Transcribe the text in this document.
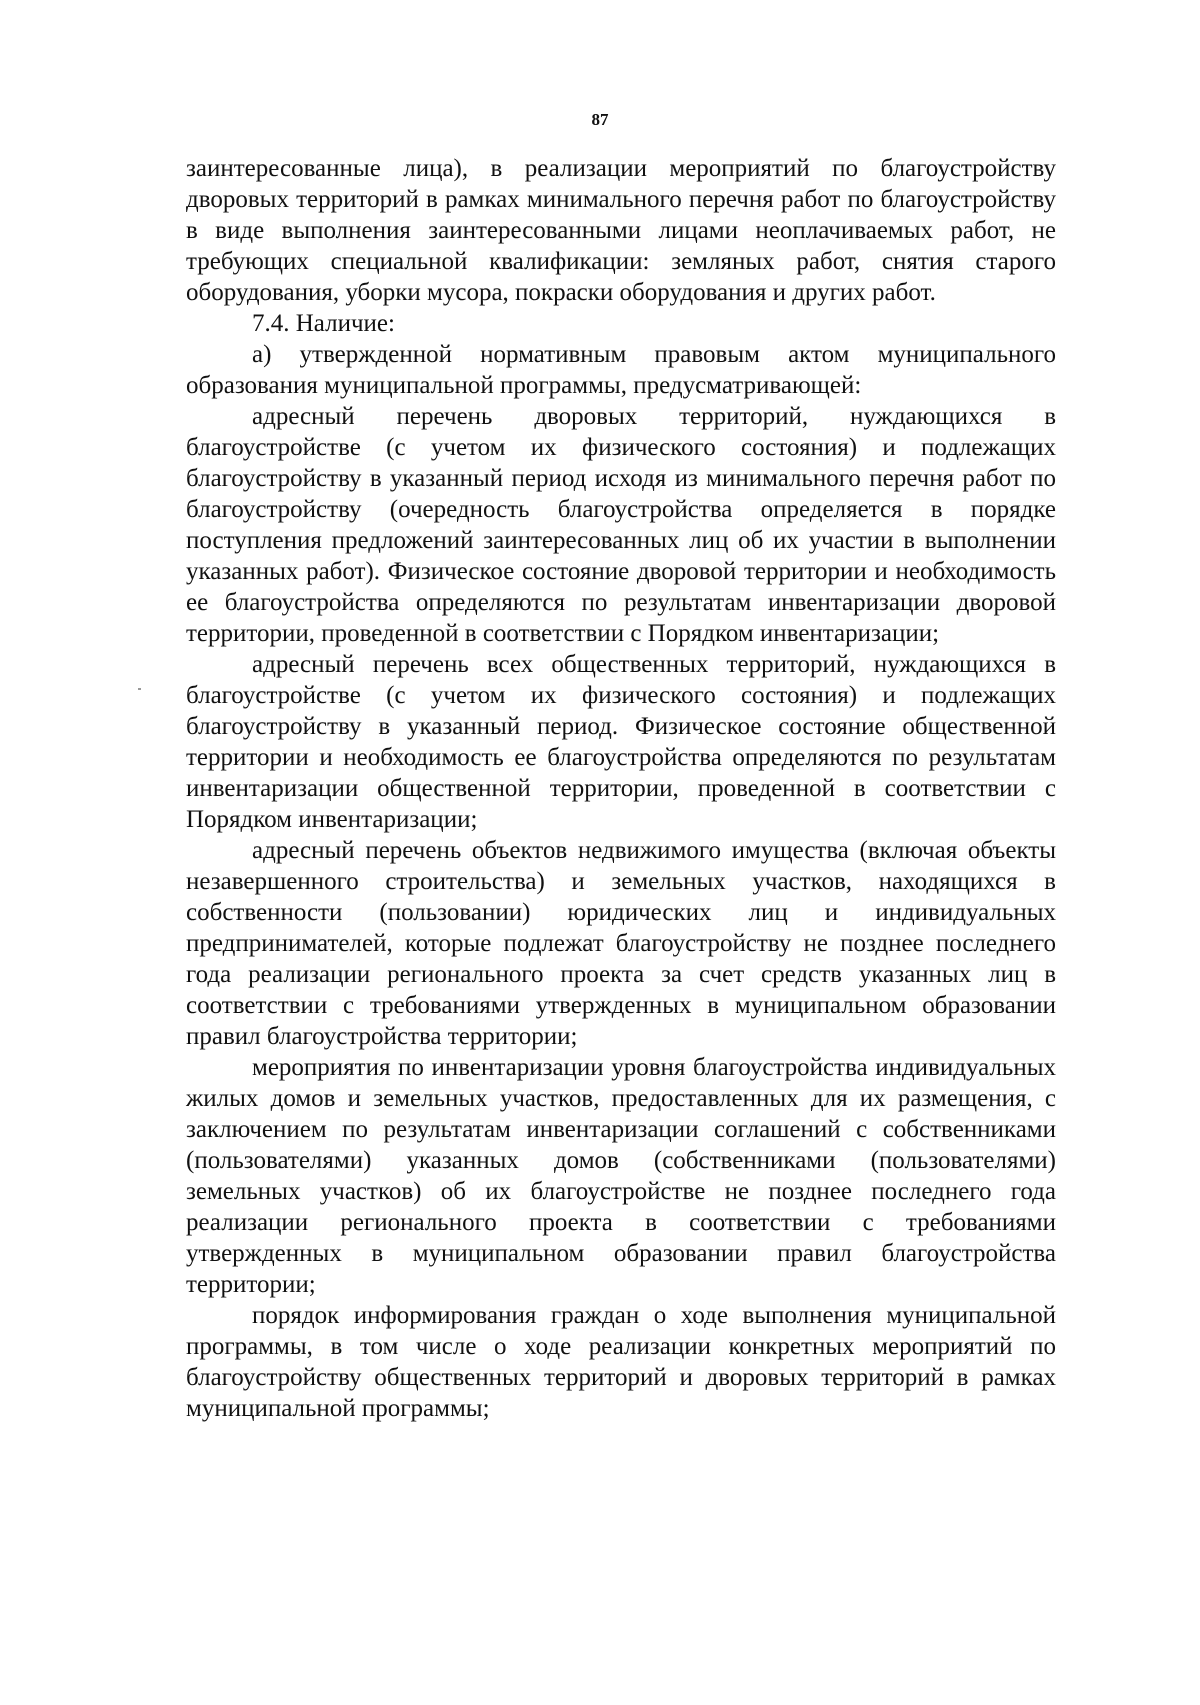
87

заинтересованные лица), в реализации мероприятий по благоустройству дворовых территорий в рамках минимального перечня работ по благоустройству в виде выполнения заинтересованными лицами неоплачиваемых работ, не требующих специальной квалификации: земляных работ, снятия старого оборудования, уборки мусора, покраски оборудования и других работ.

7.4. Наличие:

а) утвержденной нормативным правовым актом муниципального образования муниципальной программы, предусматривающей:

адресный перечень дворовых территорий, нуждающихся в благоустройстве (с учетом их физического состояния) и подлежащих благоустройству в указанный период исходя из минимального перечня работ по благоустройству (очередность благоустройства определяется в порядке поступления предложений заинтересованных лиц об их участии в выполнении указанных работ). Физическое состояние дворовой территории и необходимость ее благоустройства определяются по результатам инвентаризации дворовой территории, проведенной в соответствии с Порядком инвентаризации;

адресный перечень всех общественных территорий, нуждающихся в благоустройстве (с учетом их физического состояния) и подлежащих благоустройству в указанный период. Физическое состояние общественной территории и необходимость ее благоустройства определяются по результатам инвентаризации общественной территории, проведенной в соответствии с Порядком инвентаризации;

адресный перечень объектов недвижимого имущества (включая объекты незавершенного строительства) и земельных участков, находящихся в собственности (пользовании) юридических лиц и индивидуальных предпринимателей, которые подлежат благоустройству не позднее последнего года реализации регионального проекта за счет средств указанных лиц в соответствии с требованиями утвержденных в муниципальном образовании правил благоустройства территории;

мероприятия по инвентаризации уровня благоустройства индивидуальных жилых домов и земельных участков, предоставленных для их размещения, с заключением по результатам инвентаризации соглашений с собственниками (пользователями) указанных домов (собственниками (пользователями) земельных участков) об их благоустройстве не позднее последнего года реализации регионального проекта в соответствии с требованиями утвержденных в муниципальном образовании правил благоустройства территории;

порядок информирования граждан о ходе выполнения муниципальной программы, в том числе о ходе реализации конкретных мероприятий по благоустройству общественных территорий и дворовых территорий в рамках муниципальной программы;
